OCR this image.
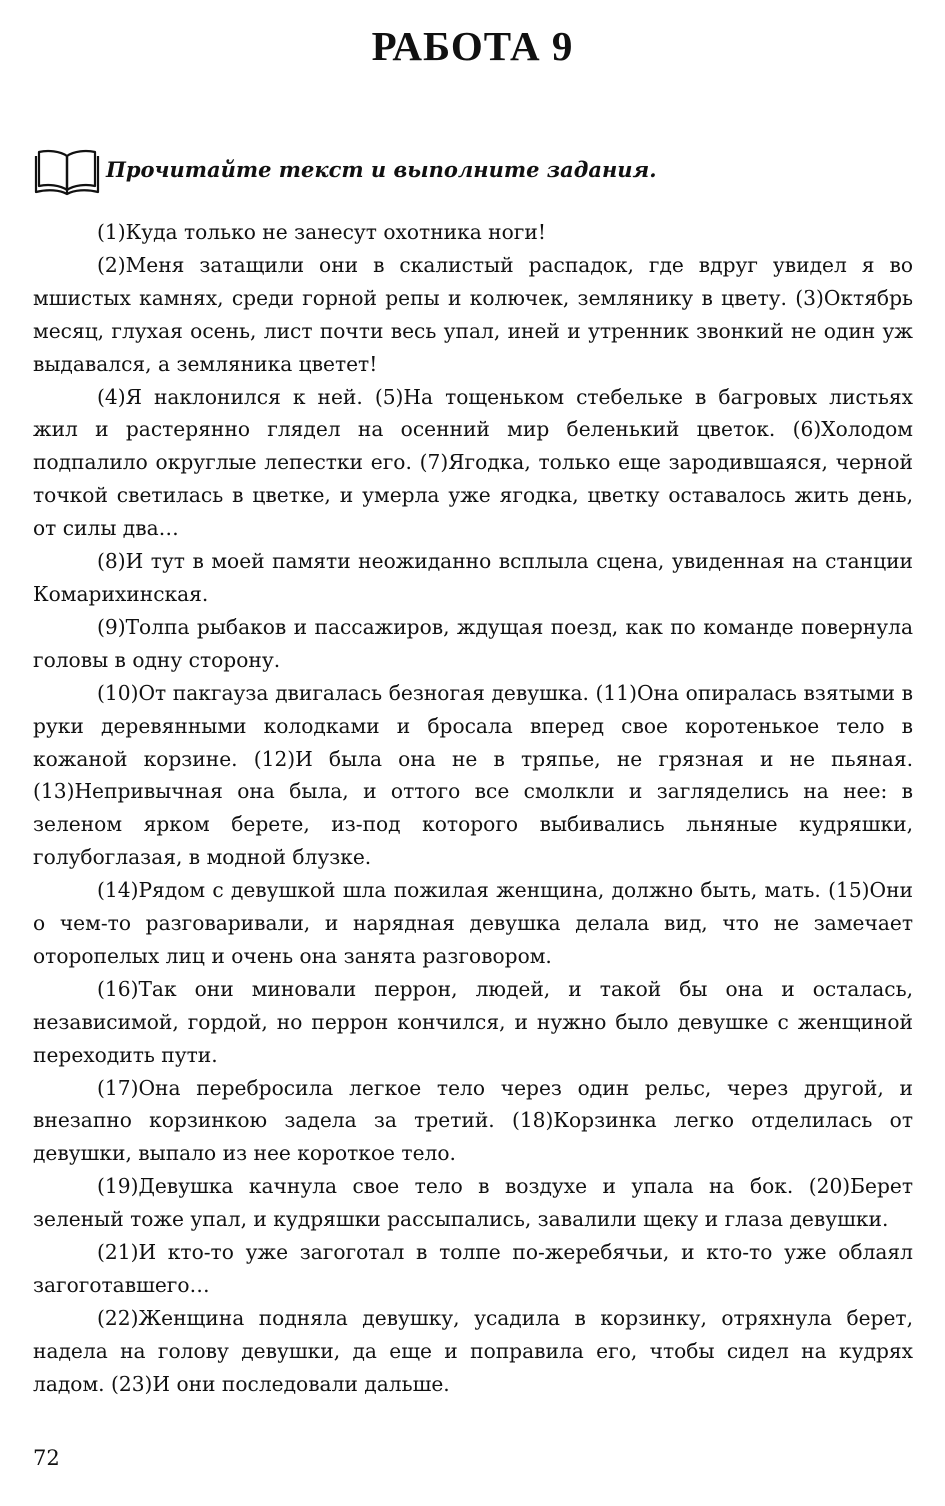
РАБОТА 9
Прочитайте текст и выполните задания.

(1)Куда только не занесут охотника ноги!

(2)Меня затащили они в скалистый распадок, где вдруг увидел я во мшистых камнях, среди горной репы и колючек, землянику в цвету. (3)Октябрь месяц, глухая осень, лист почти весь упал, иней и утренник звонкий не один уж выдавался, а земляника цветет!

(4)Я наклонился к ней. (5)На тощеньком стебельке в багровых листьях жил и растерянно глядел на осенний мир беленький цветок. (6)Холодом подпалило округлые лепестки его. (7)Ягодка, только еще зародившаяся, черной точкой светилась в цветке, и умерла уже ягодка, цветку оставалось жить день, от силы два…

(8)И тут в моей памяти неожиданно всплыла сцена, увиденная на станции Комарихинская.

(9)Толпа рыбаков и пассажиров, ждущая поезд, как по команде повернула головы в одну сторону.

(10)От пакгауза двигалась безногая девушка. (11)Она опиралась взятыми в руки деревянными колодками и бросала вперед свое коротенькое тело в кожаной корзине. (12)И была она не в тряпье, не грязная и не пьяная. (13)Непривычная она была, и оттого все смолкли и загляделись на нее: в зеленом ярком берете, из-под которого выбивались льняные кудряшки, голубоглазая, в модной блузке.

(14)Рядом с девушкой шла пожилая женщина, должно быть, мать. (15)Они о чем-то разговаривали, и нарядная девушка делала вид, что не замечает оторопелых лиц и очень она занята разговором.

(16)Так они миновали перрон, людей, и такой бы она и осталась, независимой, гордой, но перрон кончился, и нужно было девушке с женщиной переходить пути.

(17)Она перебросила легкое тело через один рельс, через другой, и внезапно корзинкою задела за третий. (18)Корзинка легко отделилась от девушки, выпало из нее короткое тело.

(19)Девушка качнула свое тело в воздухе и упала на бок. (20)Берет зеленый тоже упал, и кудряшки рассыпались, завалили щеку и глаза девушки.

(21)И кто-то уже загоготал в толпе по-жеребячьи, и кто-то уже облаял загоготавшего…

(22)Женщина подняла девушку, усадила в корзинку, отряхнула берет, надела на голову девушки, да еще и поправила его, чтобы сидел на кудрях ладом. (23)И они последовали дальше.

72
